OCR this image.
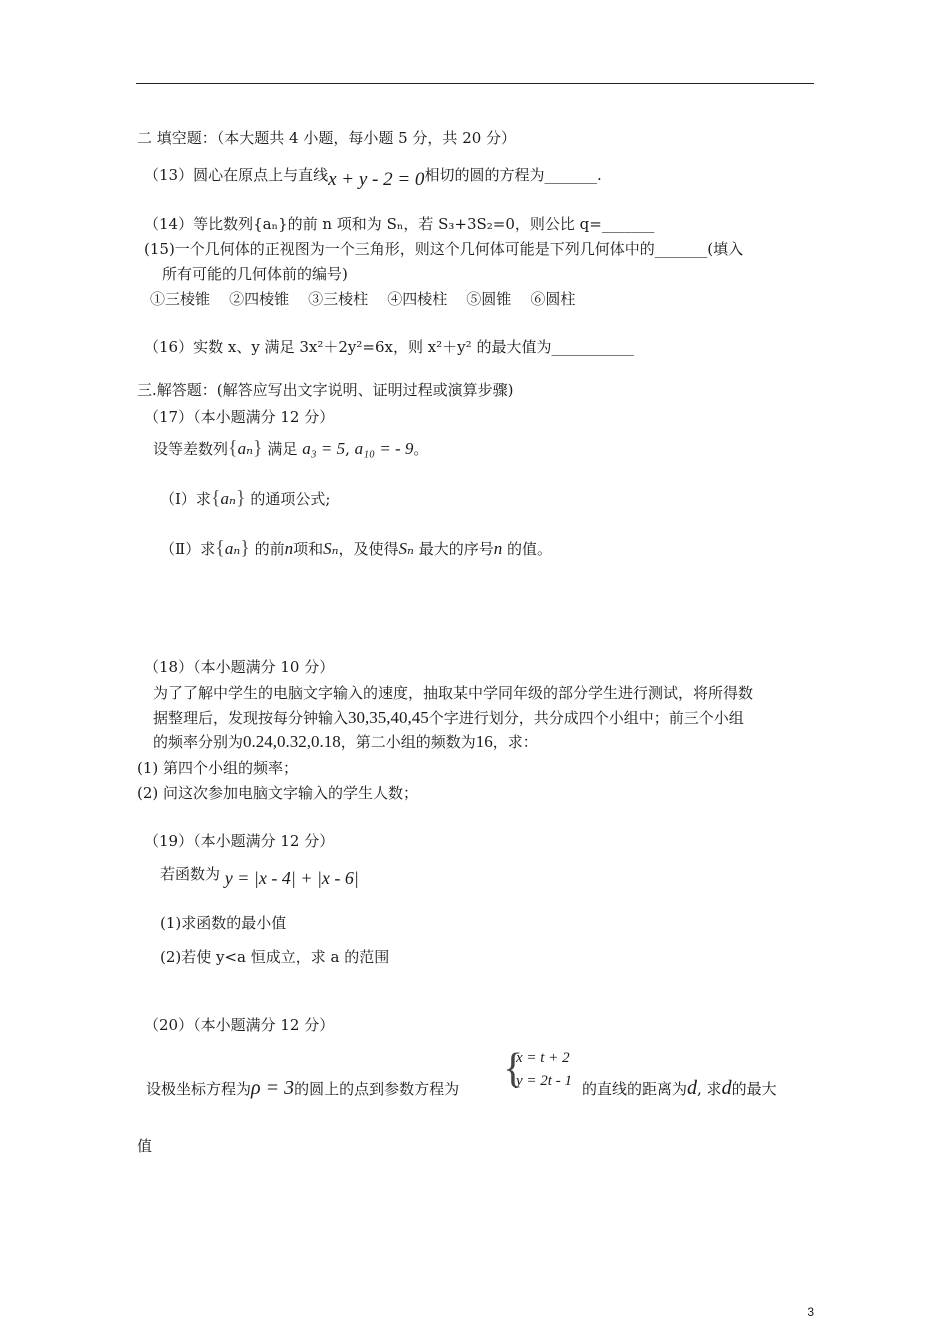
二 填空题：（本大题共 4 小题，每小题 5 分，共 20 分）
（13）圆心在原点上与直线x + y - 2 = 0相切的圆的方程为_______.
（14）等比数列{aₙ}的前 n 项和为 Sₙ，若 S₃+3S₂=0，则公比 q=_______
(15)一个几何体的正视图为一个三角形，则这个几何体可能是下列几何体中的_______(填入
所有可能的几何体前的编号)
①三棱锥    ②四棱锥    ③三棱柱    ④四棱柱    ⑤圆锥    ⑥圆柱
（16）实数 x、y 满足 3x²＋2y²=6x，则 x²＋y² 的最大值为___________
三.解答题：(解答应写出文字说明、证明过程或演算步骤)
（17）（本小题满分 12 分）
设等差数列{aₙ} 满足 a₃ = 5, a₁₀ = - 9。
（Ⅰ）求{aₙ} 的通项公式;
（Ⅱ）求{aₙ} 的前n项和Sₙ，及使得Sₙ 最大的序号n 的值。
（18）（本小题满分 10 分）
为了了解中学生的电脑文字输入的速度，抽取某中学同年级的部分学生进行测试，将所得数
据整理后，发现按每分钟输入30,35,40,45个字进行划分，共分成四个小组中；前三个小组
的频率分别为0.24,0.32,0.18，第二小组的频数为16，求：
(1) 第四个小组的频率；
(2) 问这次参加电脑文字输入的学生人数；
（19）（本小题满分 12 分）
若函数为 y = |x - 4| + |x - 6|
(1)求函数的最小值
(2)若使 y<a 恒成立，求 a 的范围
（20）（本小题满分 12 分）
{
x = t + 2
y = 2t - 1
设极坐标方程为ρ = 3的圆上的点到参数方程为	的直线的距离为d, 求d的最大
值
3
